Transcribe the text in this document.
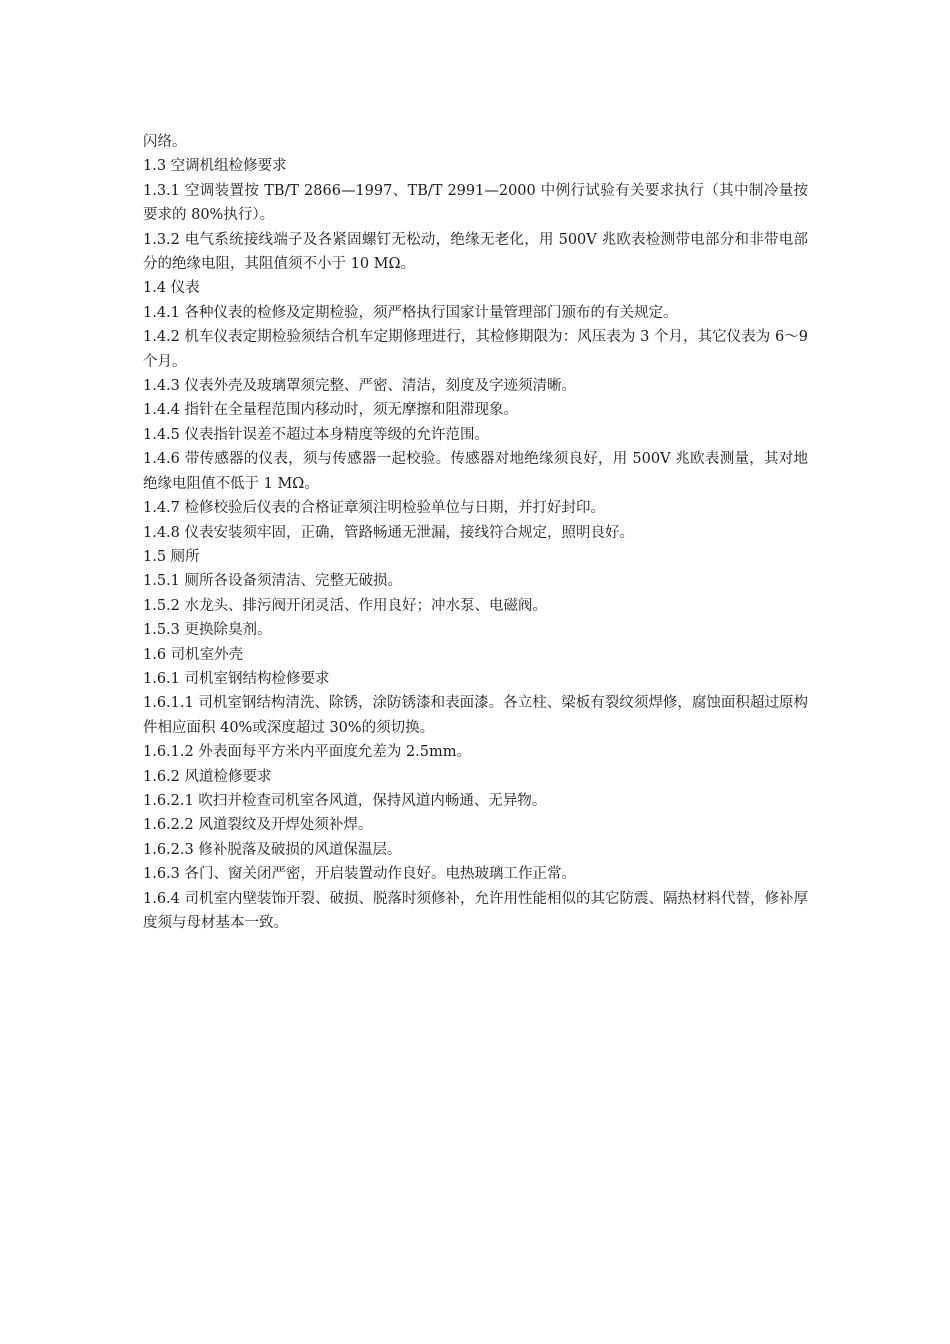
闪络。

1.3 空调机组检修要求

1.3.1 空调装置按 TB/T 2866—1997、TB/T 2991—2000 中例行试验有关要求执行（其中制冷量按要求的 80%执行）。

1.3.2 电气系统接线端子及各紧固螺钉无松动，绝缘无老化，用 500V 兆欧表检测带电部分和非带电部分的绝缘电阻，其阻值须不小于 10 MΩ。

1.4 仪表

1.4.1 各种仪表的检修及定期检验，须严格执行国家计量管理部门颁布的有关规定。

1.4.2 机车仪表定期检验须结合机车定期修理进行，其检修期限为：风压表为 3 个月，其它仪表为 6～9 个月。

1.4.3 仪表外壳及玻璃罩须完整、严密、清洁，刻度及字迹须清晰。

1.4.4 指针在全量程范围内移动时，须无摩擦和阻滞现象。

1.4.5 仪表指针误差不超过本身精度等级的允许范围。

1.4.6 带传感器的仪表，须与传感器一起校验。传感器对地绝缘须良好，用 500V 兆欧表测量，其对地绝缘电阻值不低于 1 MΩ。

1.4.7 检修校验后仪表的合格证章须注明检验单位与日期，并打好封印。

1.4.8 仪表安装须牢固，正确，管路畅通无泄漏，接线符合规定，照明良好。

1.5 厕所

1.5.1 厕所各设备须清洁、完整无破损。

1.5.2 水龙头、排污阀开闭灵活、作用良好；冲水泵、电磁阀。

1.5.3 更换除臭剂。

1.6 司机室外壳

1.6.1 司机室钢结构检修要求

1.6.1.1 司机室钢结构清洗、除锈，涂防锈漆和表面漆。各立柱、梁板有裂纹须焊修，腐蚀面积超过原构件相应面积 40%或深度超过 30%的须切换。

1.6.1.2 外表面每平方米内平面度允差为 2.5mm。

1.6.2 风道检修要求

1.6.2.1 吹扫并检查司机室各风道，保持风道内畅通、无异物。

1.6.2.2 风道裂纹及开焊处须补焊。

1.6.2.3 修补脱落及破损的风道保温层。

1.6.3 各门、窗关闭严密，开启装置动作良好。电热玻璃工作正常。

1.6.4 司机室内壁装饰开裂、破损、脱落时须修补，允许用性能相似的其它防震、隔热材料代替，修补厚度须与母材基本一致。
